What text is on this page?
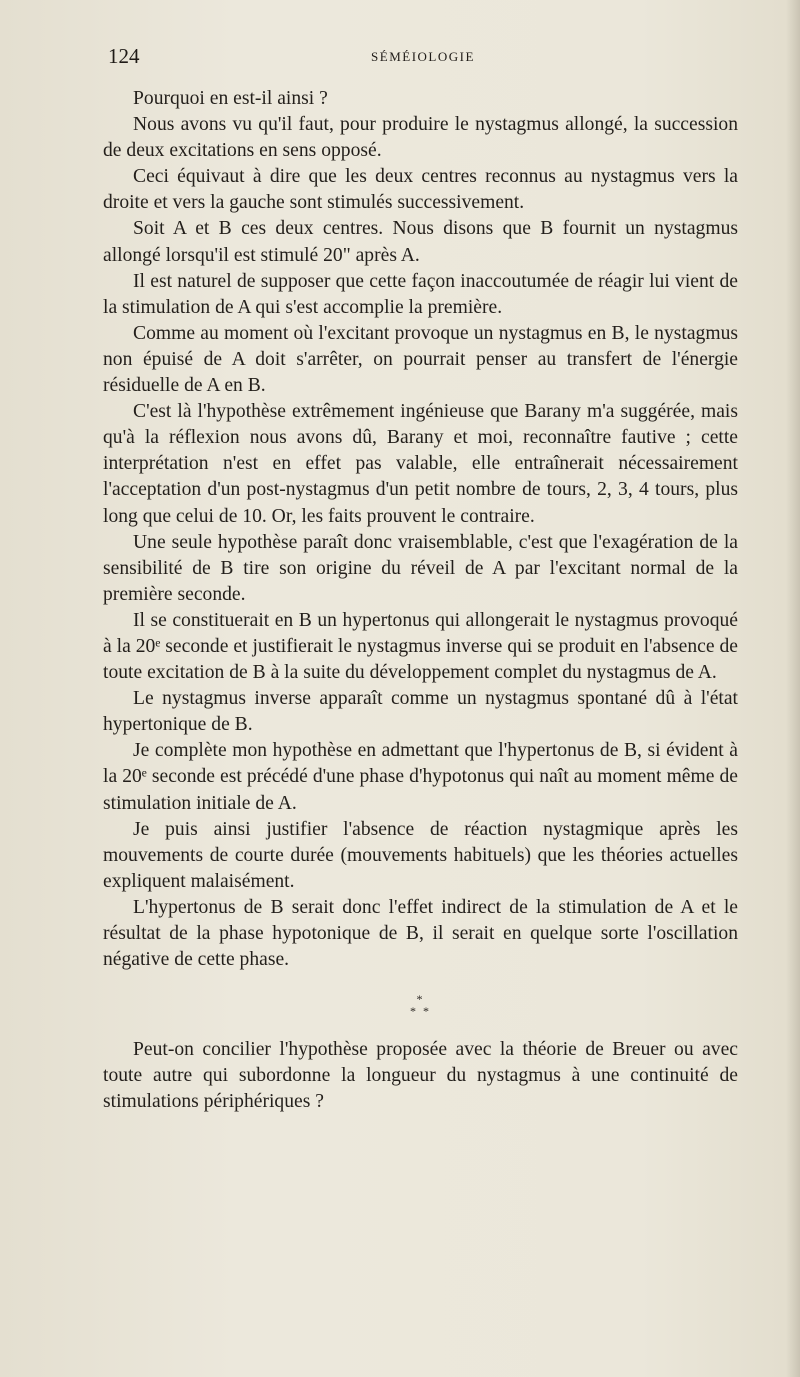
124	SÉMÉIOLOGIE

Pourquoi en est-il ainsi ?

Nous avons vu qu'il faut, pour produire le nystagmus allongé, la succession de deux excitations en sens opposé.

Ceci équivaut à dire que les deux centres reconnus au nystagmus vers la droite et vers la gauche sont stimulés successivement.

Soit A et B ces deux centres. Nous disons que B fournit un nystagmus allongé lorsqu'il est stimulé 20" après A.

Il est naturel de supposer que cette façon inaccoutumée de réagir lui vient de la stimulation de A qui s'est accomplie la première.

Comme au moment où l'excitant provoque un nystagmus en B, le nystagmus non épuisé de A doit s'arrêter, on pourrait penser au transfert de l'énergie résiduelle de A en B.

C'est là l'hypothèse extrêmement ingénieuse que Barany m'a suggérée, mais qu'à la réflexion nous avons dû, Barany et moi, reconnaître fautive ; cette interprétation n'est en effet pas valable, elle entraînerait nécessairement l'acceptation d'un post-nystagmus d'un petit nombre de tours, 2, 3, 4 tours, plus long que celui de 10. Or, les faits prouvent le contraire.

Une seule hypothèse paraît donc vraisemblable, c'est que l'exagération de la sensibilité de B tire son origine du réveil de A par l'excitant normal de la première seconde.

Il se constituerait en B un hypertonus qui allongerait le nystagmus provoqué à la 20ᵉ seconde et justifierait le nystagmus inverse qui se produit en l'absence de toute excitation de B à la suite du développement complet du nystagmus de A.

Le nystagmus inverse apparaît comme un nystagmus spontané dû à l'état hypertonique de B.

Je complète mon hypothèse en admettant que l'hypertonus de B, si évident à la 20ᵉ seconde est précédé d'une phase d'hypotonus qui naît au moment même de stimulation initiale de A.

Je puis ainsi justifier l'absence de réaction nystagmique après les mouvements de courte durée (mouvements habituels) que les théories actuelles expliquent malaisément.

L'hypertonus de B serait donc l'effet indirect de la stimulation de A et le résultat de la phase hypotonique de B, il serait en quelque sorte l'oscillation négative de cette phase.

*
* *

Peut-on concilier l'hypothèse proposée avec la théorie de Breuer ou avec toute autre qui subordonne la longueur du nystagmus à une continuité de stimulations périphériques ?
